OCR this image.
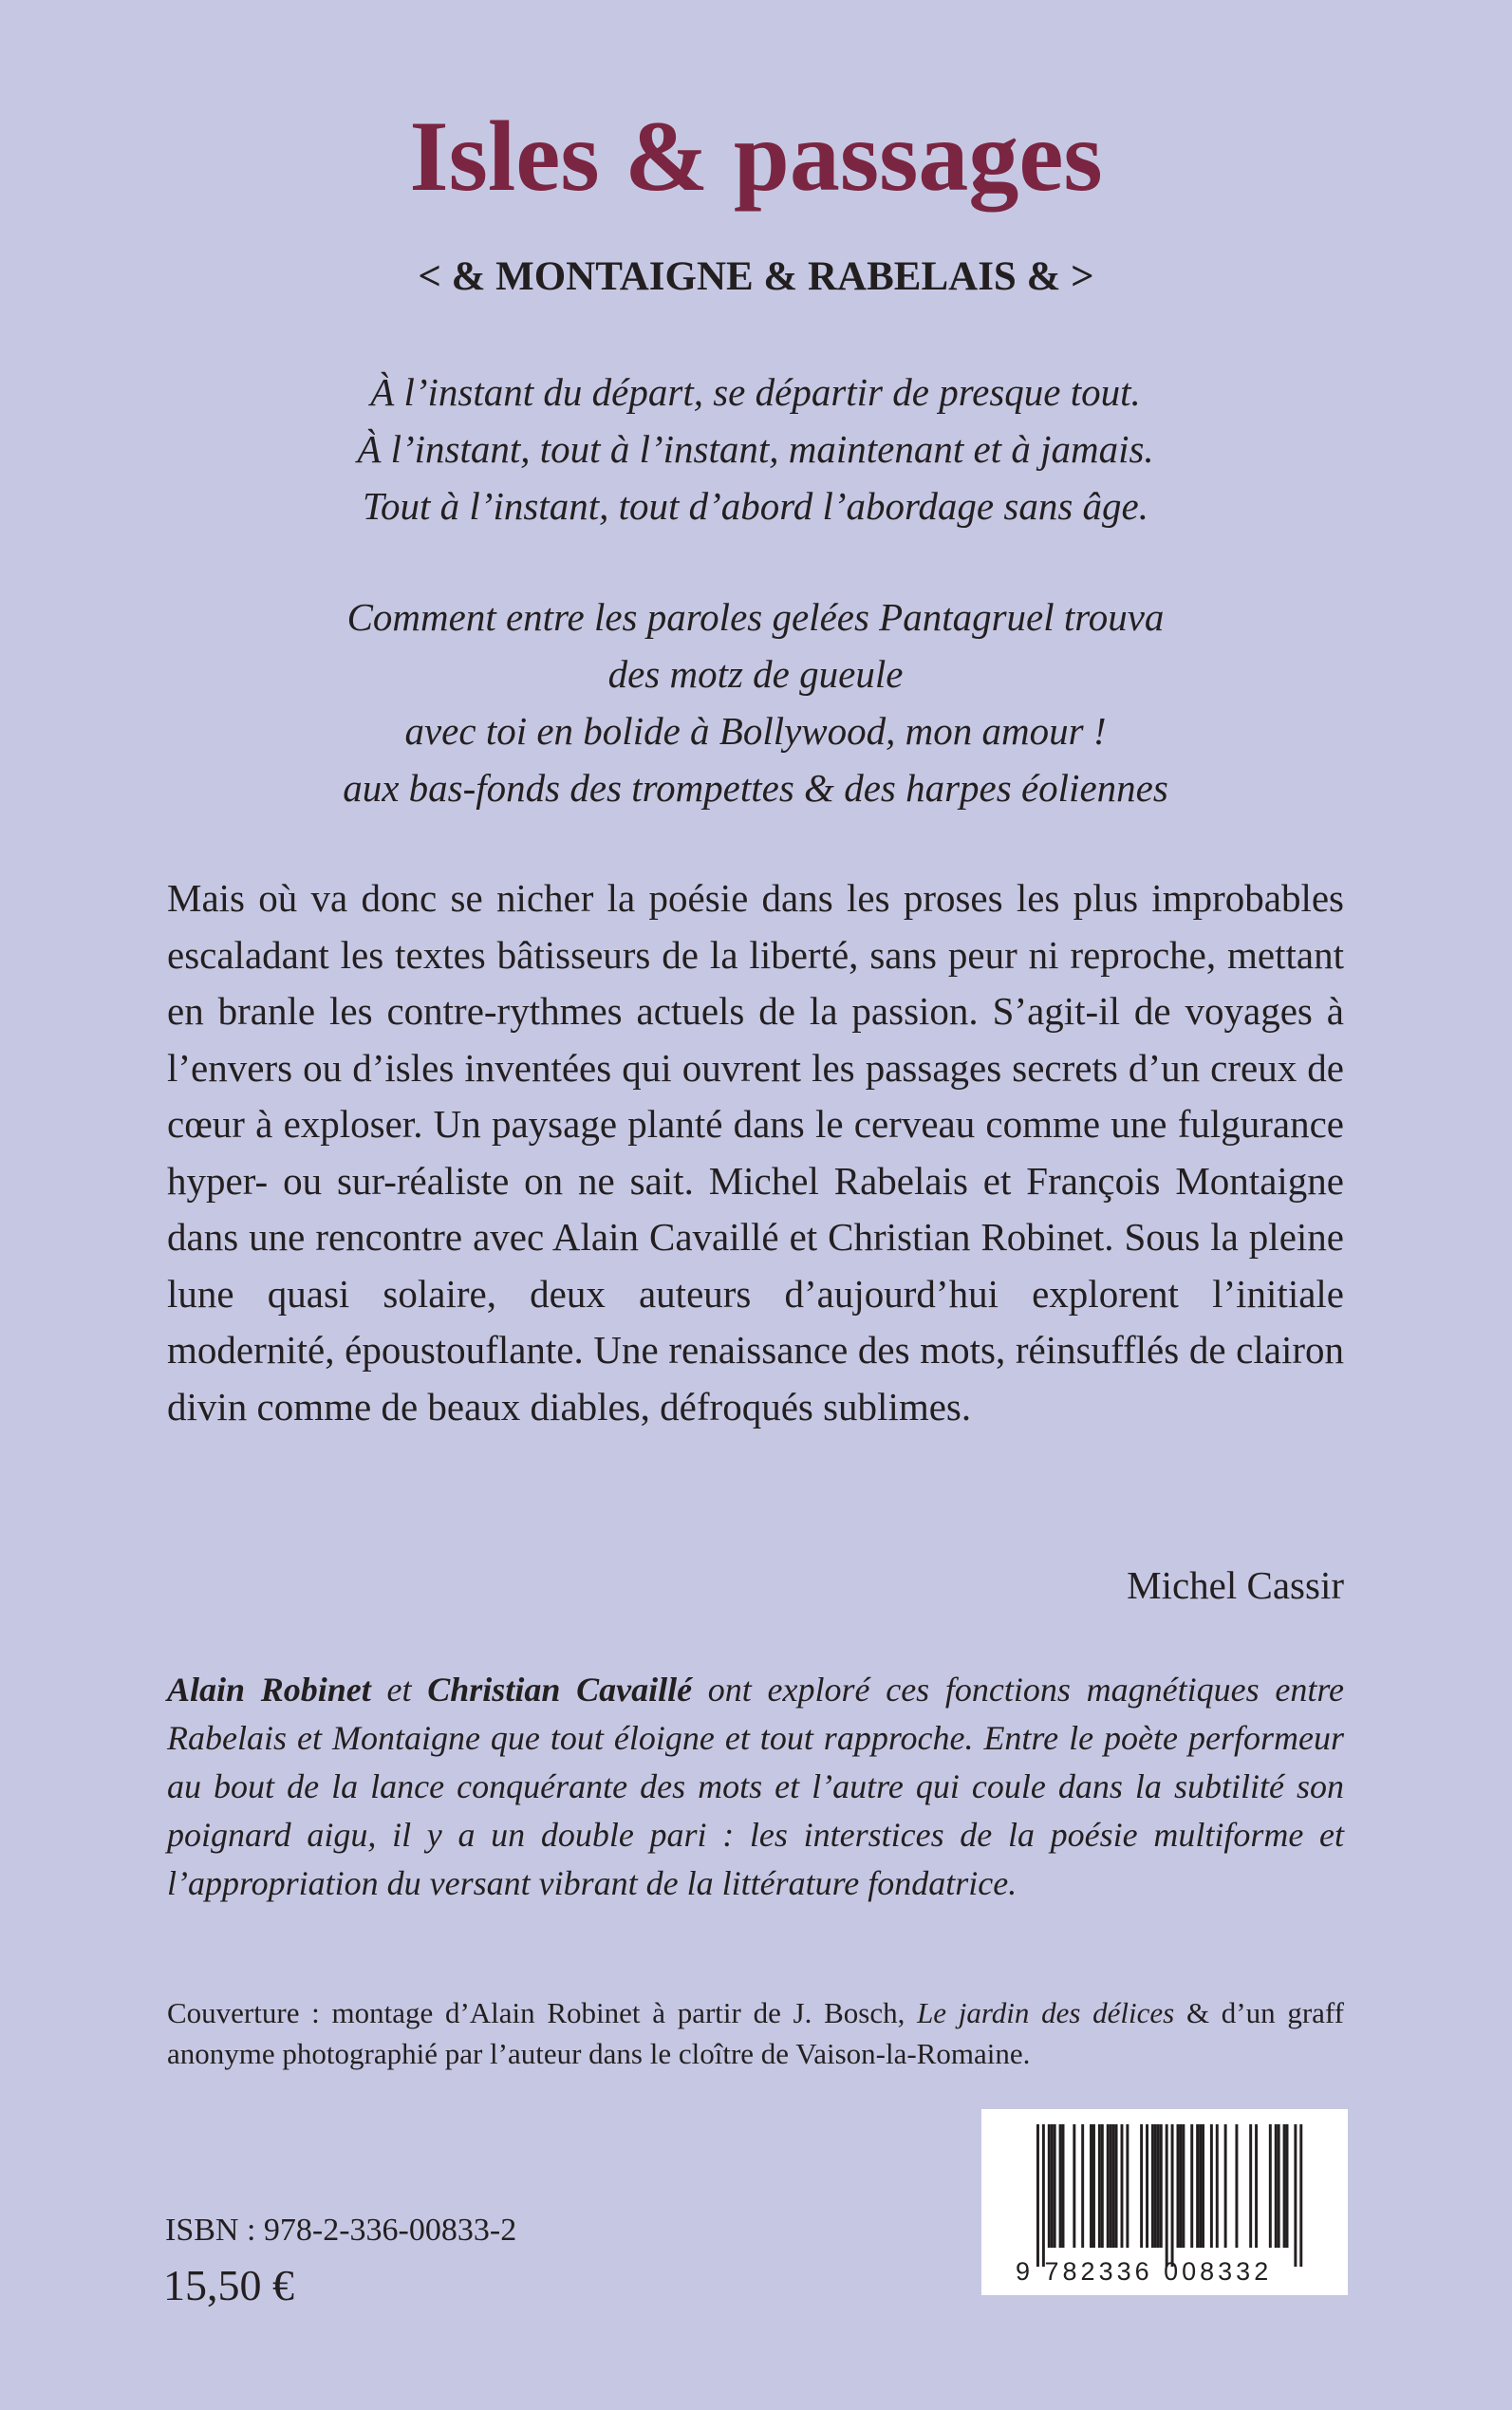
Isles & passages
< & MONTAIGNE & RABELAIS & >
À l’instant du départ, se départir de presque tout.
À l’instant, tout à l’instant, maintenant et à jamais.
Tout à l’instant, tout d’abord l’abordage sans âge.
Comment entre les paroles gelées Pantagruel trouva
des motz de gueule
avec toi en bolide à Bollywood, mon amour !
aux bas-fonds des trompettes & des harpes éoliennes
Mais où va donc se nicher la poésie dans les proses les plus improbables escaladant les textes bâtisseurs de la liberté, sans peur ni reproche, mettant en branle les contre-rythmes actuels de la passion. S’agit-il de voyages à l’envers ou d’isles inventées qui ouvrent les passages secrets d’un creux de cœur à exploser. Un paysage planté dans le cerveau comme une fulgurance hyper- ou sur-réaliste on ne sait. Michel Rabelais et François Montaigne dans une rencontre avec Alain Cavaillé et Christian Robinet. Sous la pleine lune quasi solaire, deux auteurs d’aujourd’hui explorent l’initiale modernité, époustouflante. Une renaissance des mots, réinsufflés de clairon divin comme de beaux diables, défroqués sublimes.
Michel Cassir
Alain Robinet et Christian Cavaillé ont exploré ces fonctions magnétiques entre Rabelais et Montaigne que tout éloigne et tout rapproche. Entre le poète performeur au bout de la lance conquérante des mots et l’autre qui coule dans la subtilité son poignard aigu, il y a un double pari : les interstices de la poésie multiforme et l’appropriation du versant vibrant de la littérature fondatrice.
Couverture : montage d’Alain Robinet à partir de J. Bosch, Le jardin des délices & d’un graff anonyme photographié par l’auteur dans le cloître de Vaison-la-Romaine.
ISBN : 978-2-336-00833-2
15,50 €	9 782336 008332
